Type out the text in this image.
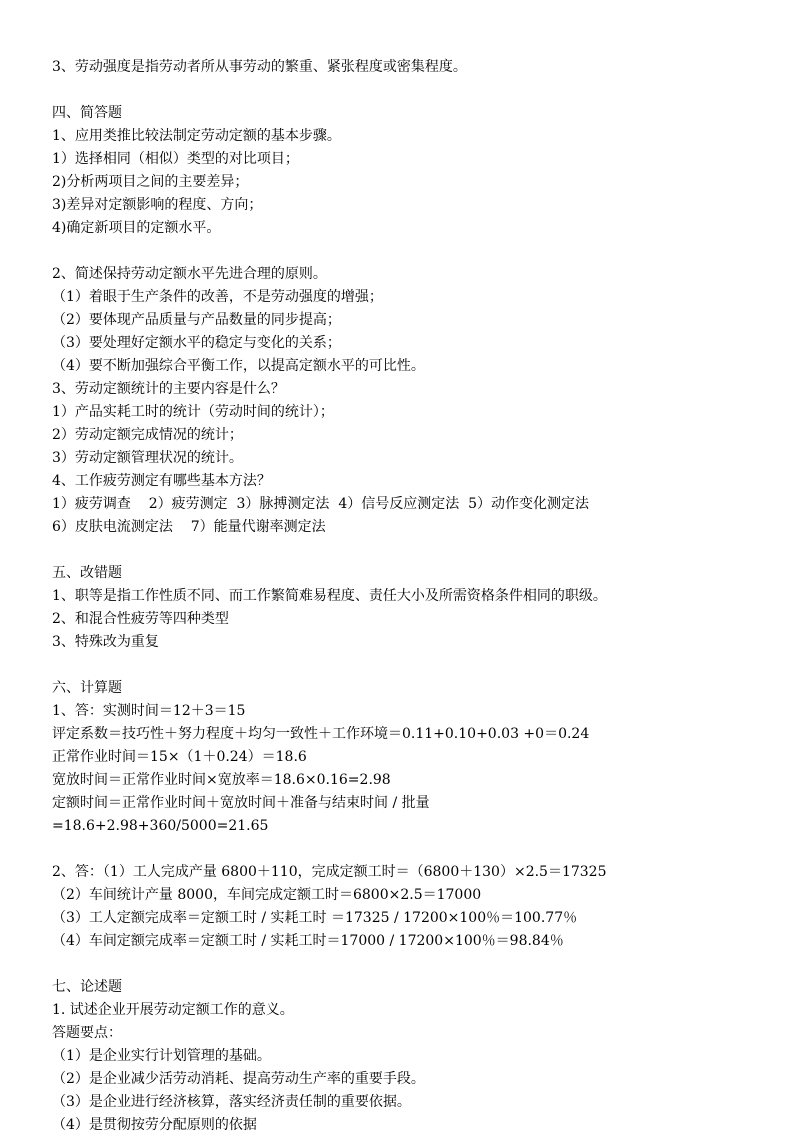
3、劳动强度是指劳动者所从事劳动的繁重、紧张程度或密集程度。
四、简答题
1、应用类推比较法制定劳动定额的基本步骤。
1）选择相同（相似）类型的对比项目；
2)分析两项目之间的主要差异；
3)差异对定额影响的程度、方向；
4)确定新项目的定额水平。
2、简述保持劳动定额水平先进合理的原则。
（1）着眼于生产条件的改善，不是劳动强度的增强；
（2）要体现产品质量与产品数量的同步提高；
（3）要处理好定额水平的稳定与变化的关系；
（4）要不断加强综合平衡工作，以提高定额水平的可比性。
3、劳动定额统计的主要内容是什么？
1）产品实耗工时的统计（劳动时间的统计）；
2）劳动定额完成情况的统计；
3）劳动定额管理状况的统计。
4、工作疲劳测定有哪些基本方法？
1）疲劳调查    2）疲劳测定  3）脉搏测定法  4）信号反应测定法  5）动作变化测定法
6）皮肤电流测定法    7）能量代谢率测定法
五、改错题
1、职等是指工作性质不同、而工作繁简难易程度、责任大小及所需资格条件相同的职级。
2、和混合性疲劳等四种类型
3、特殊改为重复
六、计算题
1、答：实测时间＝12＋3＝15
评定系数＝技巧性＋努力程度＋均匀一致性＋工作环境＝0.11+0.10+0.03 +0＝0.24
正常作业时间＝15×（1＋0.24）＝18.6
宽放时间＝正常作业时间×宽放率＝18.6×0.16=2.98
定额时间＝正常作业时间＋宽放时间＋准备与结束时间 / 批量
=18.6+2.98+360/5000=21.65
2、答：（1）工人完成产量 6800＋110，完成定额工时＝（6800＋130）×2.5＝17325
（2）车间统计产量 8000，车间完成定额工时＝6800×2.5＝17000
（3）工人定额完成率＝定额工时 / 实耗工时 ＝17325 / 17200×100％＝100.77％
（4）车间定额完成率＝定额工时 / 实耗工时＝17000 / 17200×100％＝98.84％
七、论述题
1. 试述企业开展劳动定额工作的意义。
答题要点：
（1）是企业实行计划管理的基础。
（2）是企业减少活劳动消耗、提高劳动生产率的重要手段。
（3）是企业进行经济核算，落实经济责任制的重要依据。
（4）是贯彻按劳分配原则的依据
